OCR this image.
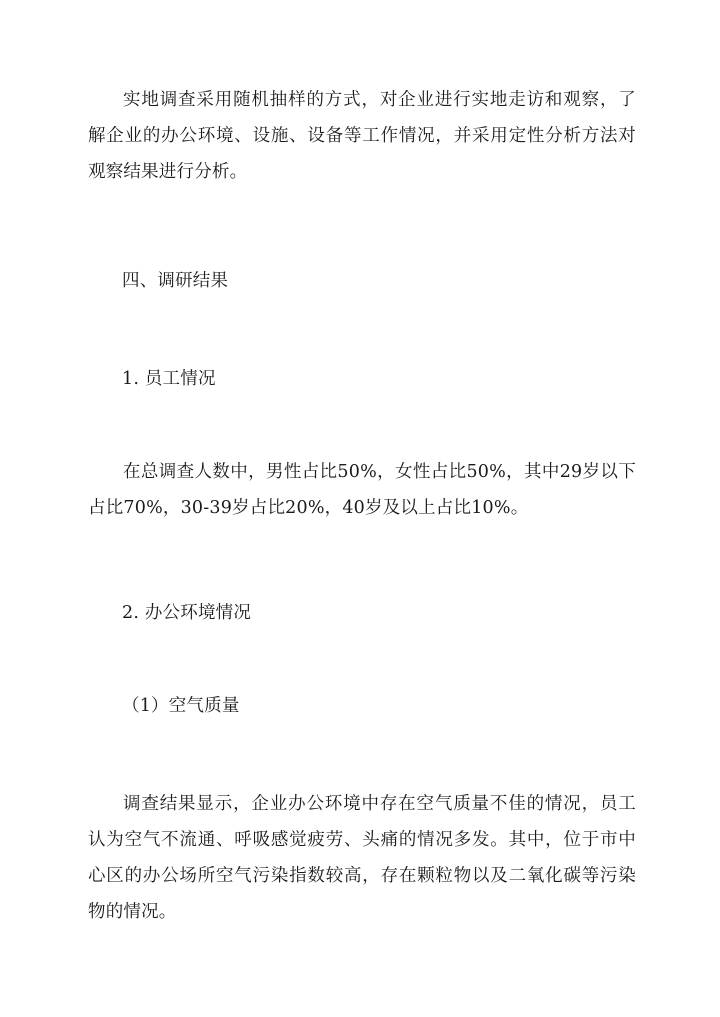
实地调查采用随机抽样的方式，对企业进行实地走访和观察，了解企业的办公环境、设施、设备等工作情况，并采用定性分析方法对观察结果进行分析。

四、调研结果

1. 员工情况

在总调查人数中，男性占比50%，女性占比50%，其中29岁以下占比70%，30-39岁占比20%，40岁及以上占比10%。

2. 办公环境情况

（1）空气质量

调查结果显示，企业办公环境中存在空气质量不佳的情况，员工认为空气不流通、呼吸感觉疲劳、头痛的情况多发。其中，位于市中心区的办公场所空气污染指数较高，存在颗粒物以及二氧化碳等污染物的情况。
